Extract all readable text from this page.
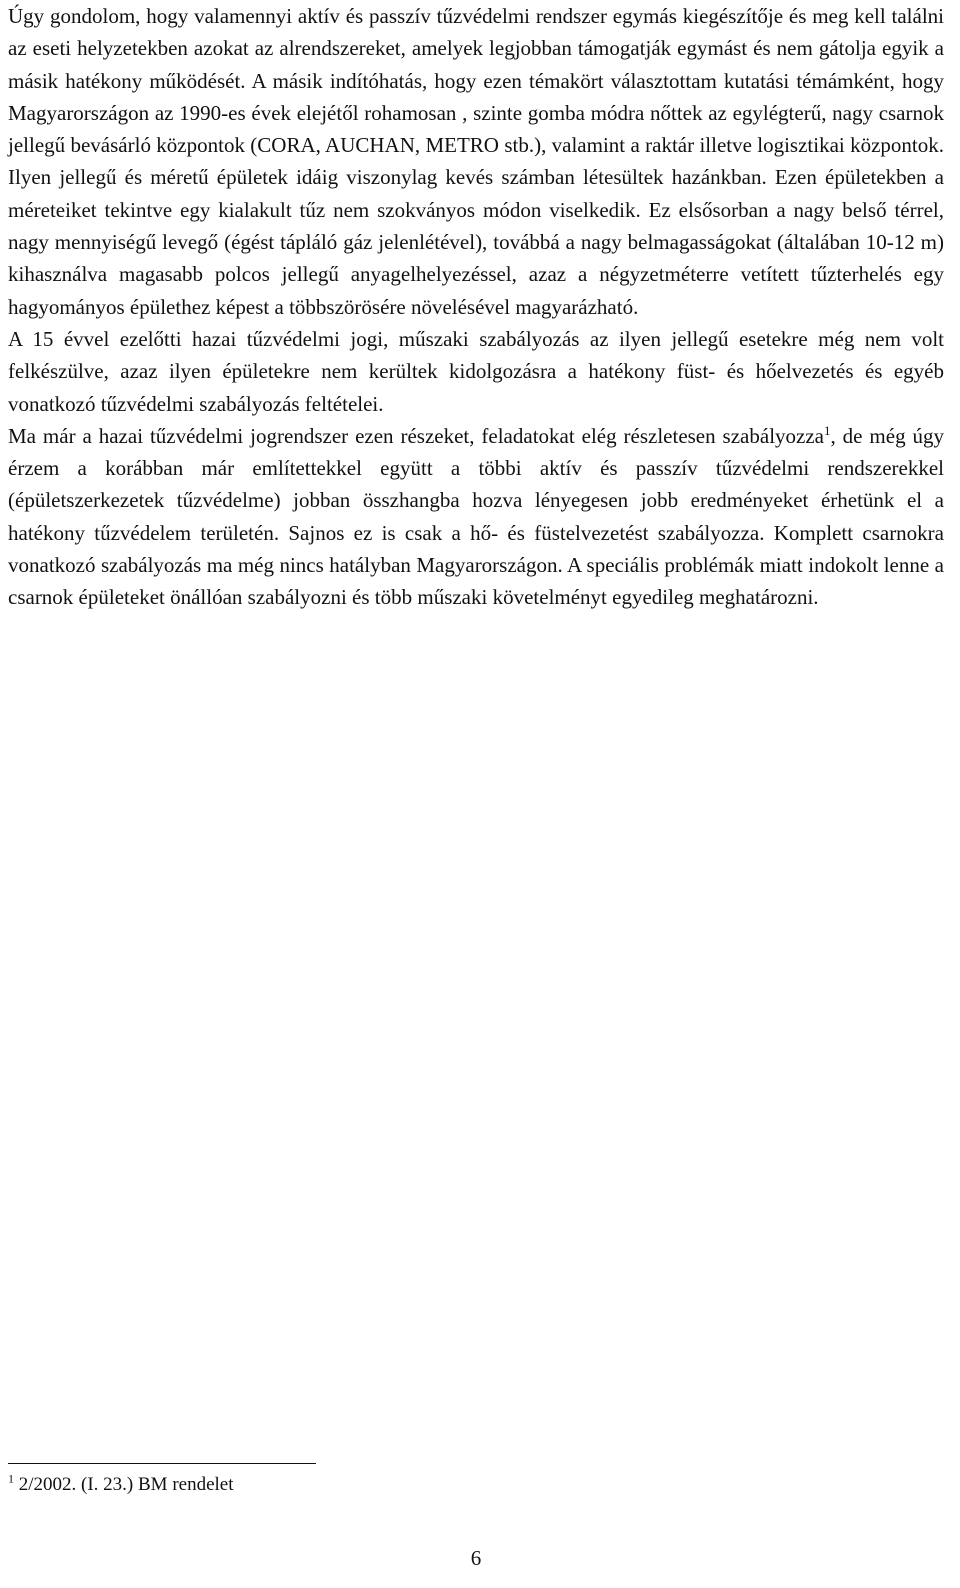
Úgy gondolom, hogy valamennyi aktív és passzív tűzvédelmi rendszer egymás kiegészítője és meg kell találni az eseti helyzetekben azokat az alrendszereket, amelyek legjobban támogatják egymást és nem gátolja egyik a másik hatékony működését. A másik indítóhatás, hogy ezen témakört választottam kutatási témámként, hogy Magyarországon az 1990-es évek elejétől rohamosan , szinte gomba módra nőttek az egylégterű, nagy csarnok jellegű bevásárló központok (CORA, AUCHAN, METRO stb.), valamint a raktár illetve logisztikai központok. Ilyen jellegű és méretű épületek idáig viszonylag kevés számban létesültek hazánkban. Ezen épületekben a méreteiket tekintve egy kialakult tűz nem szokványos módon viselkedik. Ez elsősorban a nagy belső térrel, nagy mennyiségű levegő (égést tápláló gáz jelenlétével), továbbá a nagy belmagasságokat (általában 10-12 m) kihasználva magasabb polcos jellegű anyagelhelyezéssel, azaz a négyzetméterre vetített tűzterhelés egy hagyományos épülethez képest a többszörösére növelésével magyarázható.

A 15 évvel ezelőtti hazai tűzvédelmi jogi, műszaki szabályozás az ilyen jellegű esetekre még nem volt felkészülve, azaz ilyen épületekre nem kerültek kidolgozásra a hatékony füst- és hőelvezetés és egyéb vonatkozó tűzvédelmi szabályozás feltételei.

Ma már a hazai tűzvédelmi jogrendszer ezen részeket, feladatokat elég részletesen szabályozza$^1$, de még úgy érzem a korábban már említettekkel együtt a többi aktív és passzív tűzvédelmi rendszerekkel (épületszerkezetek tűzvédelme) jobban összhangba hozva lényegesen jobb eredményeket érhetünk el a hatékony tűzvédelem területén. Sajnos ez is csak a hő- és füstelvezetést szabályozza. Komplett csarnokra vonatkozó szabályozás ma még nincs hatályban Magyarországon. A speciális problémák miatt indokolt lenne a csarnok épületeket önállóan szabályozni és több műszaki követelményt egyedileg meghatározni.

$^1$ 2/2002. (I. 23.) BM rendelet
6
